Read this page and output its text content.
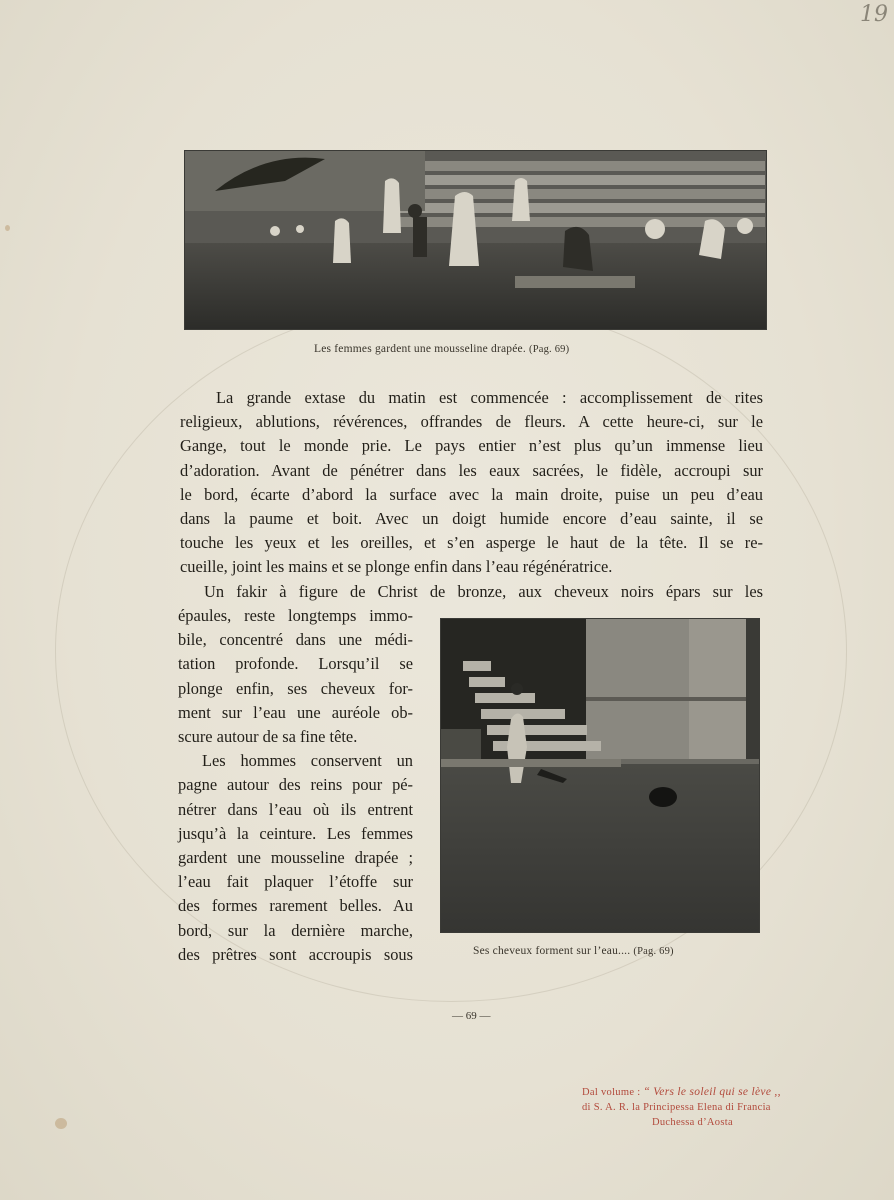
19
Les femmes gardent une mousseline drapée. (Pag. 69)
La grande extase du matin est commencée : accomplissement de rites
religieux, ablutions, révérences, offrandes de fleurs. A cette heure-ci, sur le
Gange, tout le monde prie. Le pays entier n’est plus qu’un immense lieu
d’adoration. Avant de pénétrer dans les eaux sacrées, le fidèle, accroupi sur
le bord, écarte d’abord la surface avec la main droite, puise un peu d’eau
dans la paume et boit. Avec un doigt humide encore d’eau sainte, il se
touche les yeux et les oreilles, et s’en asperge le haut de la tête. Il se re-
cueille, joint les mains et se plonge enfin dans l’eau régénératrice.
Un fakir à figure de Christ de bronze, aux cheveux noirs épars sur les
épaules, reste longtemps immo-
bile, concentré dans une médi-
tation profonde. Lorsqu’il se
plonge enfin, ses cheveux for-
ment sur l’eau une auréole ob-
scure autour de sa fine tête.
Les hommes conservent un
pagne autour des reins pour pé-
nétrer dans l’eau où ils entrent
jusqu’à la ceinture. Les femmes
gardent une mousseline drapée ;
l’eau fait plaquer l’étoffe sur
des formes rarement belles. Au
bord, sur la dernière marche,
des prêtres sont accroupis sous	Ses cheveux forment sur l’eau.... (Pag. 69)
— 69 —
Dal volume : “ Vers le soleil qui se lève ,,
di S. A. R. la Principessa Elena di Francia
Duchessa d’Aosta
